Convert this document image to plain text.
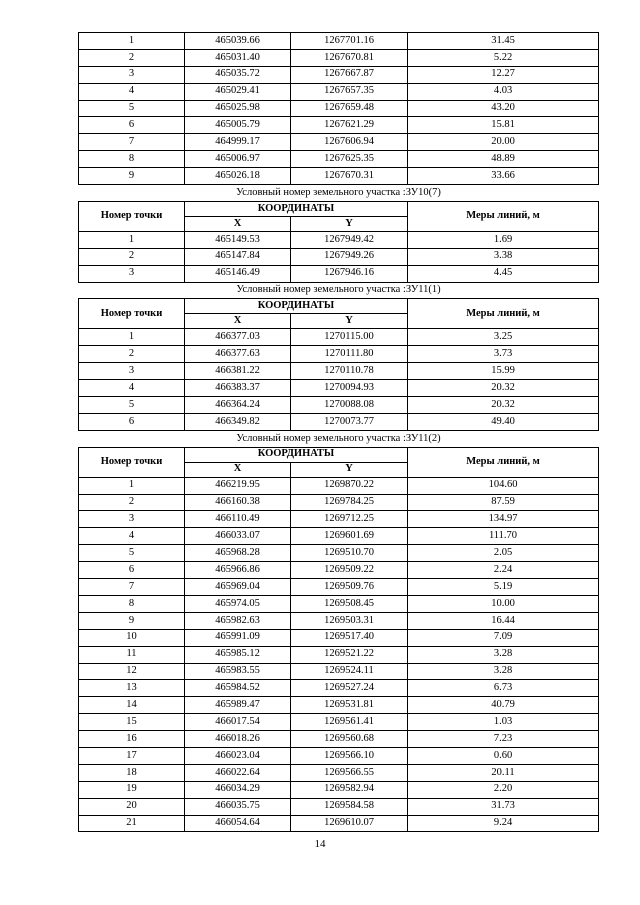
1	465039.66	1267701.16	31.45
2	465031.40	1267670.81	5.22
3	465035.72	1267667.87	12.27
4	465029.41	1267657.35	4.03
5	465025.98	1267659.48	43.20
6	465005.79	1267621.29	15.81
7	464999.17	1267606.94	20.00
8	465006.97	1267625.35	48.89
9	465026.18	1267670.31	33.66
Условный номер земельного участка :ЗУ10(7)			
Номер точки	КООРДИНАТЫ		Меры линий, м
	X	Y	
1	465149.53	1267949.42	1.69
2	465147.84	1267949.26	3.38
3	465146.49	1267946.16	4.45
Условный номер земельного участка :ЗУ11(1)			
Номер точки	КООРДИНАТЫ		Меры линий, м
	X	Y	
1	466377.03	1270115.00	3.25
2	466377.63	1270111.80	3.73
3	466381.22	1270110.78	15.99
4	466383.37	1270094.93	20.32
5	466364.24	1270088.08	20.32
6	466349.82	1270073.77	49.40
Условный номер земельного участка :ЗУ11(2)			
Номер точки	КООРДИНАТЫ		Меры линий, м
	X	Y	
1	466219.95	1269870.22	104.60
2	466160.38	1269784.25	87.59
3	466110.49	1269712.25	134.97
4	466033.07	1269601.69	111.70
5	465968.28	1269510.70	2.05
6	465966.86	1269509.22	2.24
7	465969.04	1269509.76	5.19
8	465974.05	1269508.45	10.00
9	465982.63	1269503.31	16.44
10	465991.09	1269517.40	7.09
11	465985.12	1269521.22	3.28
12	465983.55	1269524.11	3.28
13	465984.52	1269527.24	6.73
14	465989.47	1269531.81	40.79
15	466017.54	1269561.41	1.03
16	466018.26	1269560.68	7.23
17	466023.04	1269566.10	0.60
18	466022.64	1269566.55	20.11
19	466034.29	1269582.94	2.20
20	466035.75	1269584.58	31.73
21	466054.64	1269610.07	9.24
14
